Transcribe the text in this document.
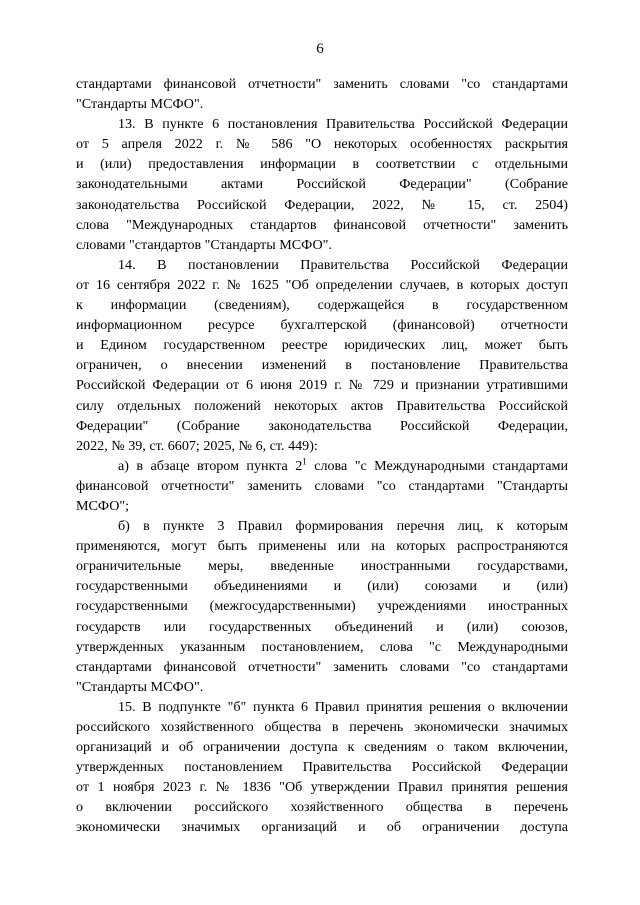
6
стандартами финансовой отчетности" заменить словами "со стандартами
"Стандарты МСФО".
13. В пункте 6 постановления Правительства Российской Федерации
от 5 апреля 2022 г. № 586 "О некоторых особенностях раскрытия
и (или) предоставления информации в соответствии с отдельными
законодательными актами Российской Федерации" (Собрание
законодательства Российской Федерации, 2022, № 15, ст. 2504)
слова "Международных стандартов финансовой отчетности" заменить
словами "стандартов "Стандарты МСФО".
14. В постановлении Правительства Российской Федерации
от 16 сентября 2022 г. № 1625 "Об определении случаев, в которых доступ
к информации (сведениям), содержащейся в государственном
информационном ресурсе бухгалтерской (финансовой) отчетности
и Едином государственном реестре юридических лиц, может быть
ограничен, о внесении изменений в постановление Правительства
Российской Федерации от 6 июня 2019 г. № 729 и признании утратившими
силу отдельных положений некоторых актов Правительства Российской
Федерации" (Собрание законодательства Российской Федерации,
2022, № 39, ст. 6607; 2025, № 6, ст. 449):
а) в абзаце втором пункта $2^1$ слова "с Международными стандартами
финансовой отчетности" заменить словами "со стандартами "Стандарты
МСФО";
б) в пункте 3 Правил формирования перечня лиц, к которым
применяются, могут быть применены или на которых распространяются
ограничительные меры, введенные иностранными государствами,
государственными объединениями и (или) союзами и (или)
государственными (межгосударственными) учреждениями иностранных
государств или государственных объединений и (или) союзов,
утвержденных указанным постановлением, слова "с Международными
стандартами финансовой отчетности" заменить словами "со стандартами
"Стандарты МСФО".
15. В подпункте "б" пункта 6 Правил принятия решения о включении
российского хозяйственного общества в перечень экономически значимых
организаций и об ограничении доступа к сведениям о таком включении,
утвержденных постановлением Правительства Российской Федерации
от 1 ноября 2023 г. № 1836 "Об утверждении Правил принятия решения
о включении российского хозяйственного общества в перечень
экономически значимых организаций и об ограничении доступа
